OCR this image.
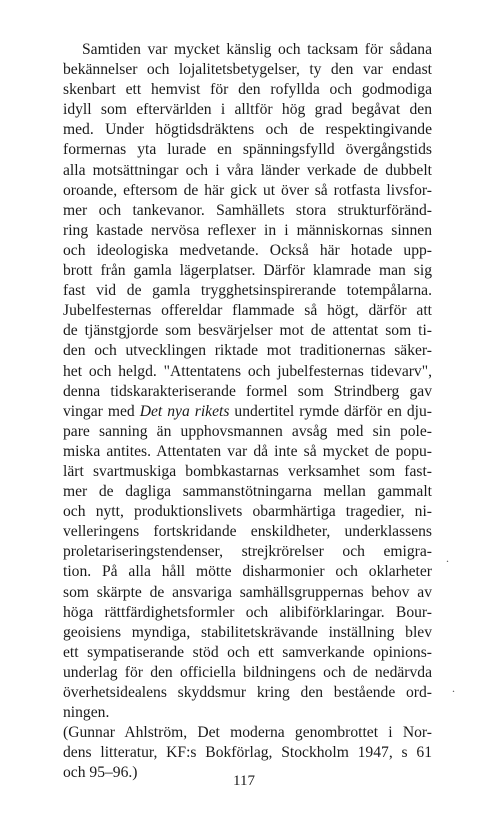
Samtiden var mycket känslig och tacksam för sådana
bekännelser och lojalitetsbetygelser, ty den var endast
skenbart ett hemvist för den rofyllda och godmodiga
idyll som eftervärlden i alltför hög grad begåvat den
med. Under högtidsdräktens och de respektingivande
formernas yta lurade en spänningsfylld övergångstids
alla motsättningar och i våra länder verkade de dubbelt
oroande, eftersom de här gick ut över så rotfasta livsfor-
mer och tankevanor. Samhällets stora strukturföränd-
ring kastade nervösa reflexer in i människornas sinnen
och ideologiska medvetande. Också här hotade upp-
brott från gamla lägerplatser. Därför klamrade man sig
fast vid de gamla trygghetsinspirerande totempålarna.
Jubelfesternas offereldar flammade så högt, därför att
de tjänstgjorde som besvärjelser mot de attentat som ti-
den och utvecklingen riktade mot traditionernas säker-
het och helgd. "Attentatens och jubelfesternas tidevarv",
denna tidskarakteriserande formel som Strindberg gav
vingar med Det nya rikets undertitel rymde därför en dju-
pare sanning än upphovsmannen avsåg med sin pole-
miska antites. Attentaten var då inte så mycket de popu-
lärt svartmuskiga bombkastarnas verksamhet som fast-
mer de dagliga sammanstötningarna mellan gammalt
och nytt, produktionslivets obarmhärtiga tragedier, ni-
velleringens fortskridande enskildheter, underklassens
proletariseringstendenser, strejkrörelser och emigra-
tion. På alla håll mötte disharmonier och oklarheter
som skärpte de ansvariga samhällsgruppernas behov av
höga rättfärdighetsformler och alibiförklaringar. Bour-
geoisiens myndiga, stabilitetskrävande inställning blev
ett sympatiserande stöd och ett samverkande opinions-
underlag för den officiella bildningens och de nedärvda
överhetsidealens skyddsmur kring den bestående ord-
ningen.
(Gunnar Ahlström, Det moderna genombrottet i Nor-
dens litteratur, KF:s Bokförlag, Stockholm 1947, s 61
och 95–96.)
.
.
117
